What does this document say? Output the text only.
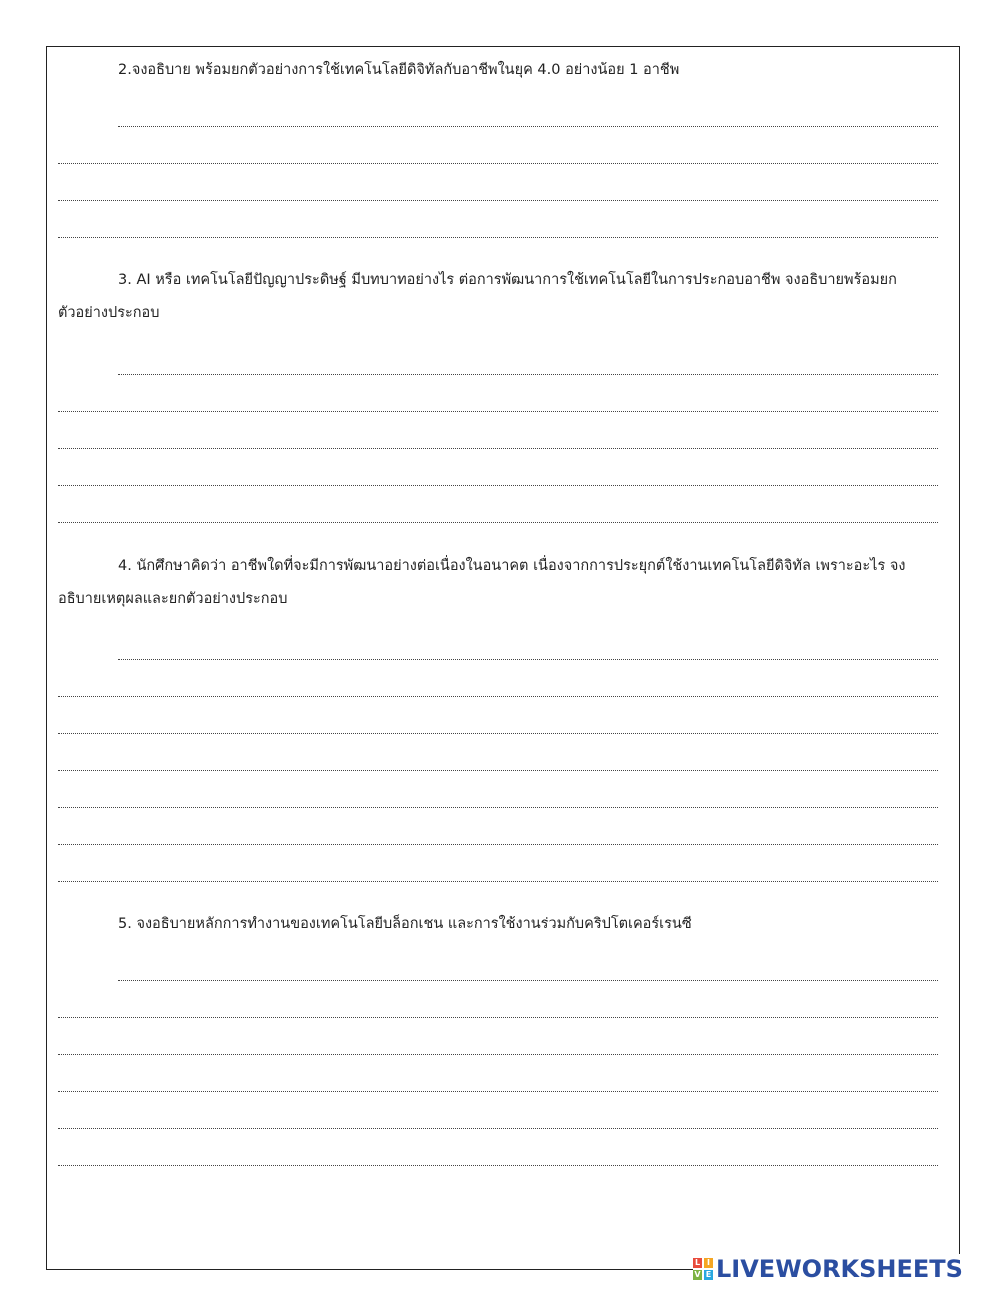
2.จงอธิบาย พร้อมยกตัวอย่างการใช้เทคโนโลยีดิจิทัลกับอาชีพในยุค 4.0 อย่างน้อย 1 อาชีพ

3. AI หรือ เทคโนโลยีปัญญาประดิษฐ์ มีบทบาทอย่างไร ต่อการพัฒนาการใช้เทคโนโลยีในการประกอบอาชีพ จงอธิบายพร้อมยกตัวอย่างประกอบ

4. นักศึกษาคิดว่า อาชีพใดที่จะมีการพัฒนาอย่างต่อเนื่องในอนาคต เนื่องจากการประยุกต์ใช้งานเทคโนโลยีดิจิทัล เพราะอะไร จงอธิบายเหตุผลและยกตัวอย่างประกอบ

5. จงอธิบายหลักการทำงานของเทคโนโลยีบล็อกเชน และการใช้งานร่วมกับคริปโตเคอร์เรนซี

L I
V E LIVEWORKSHEETS
